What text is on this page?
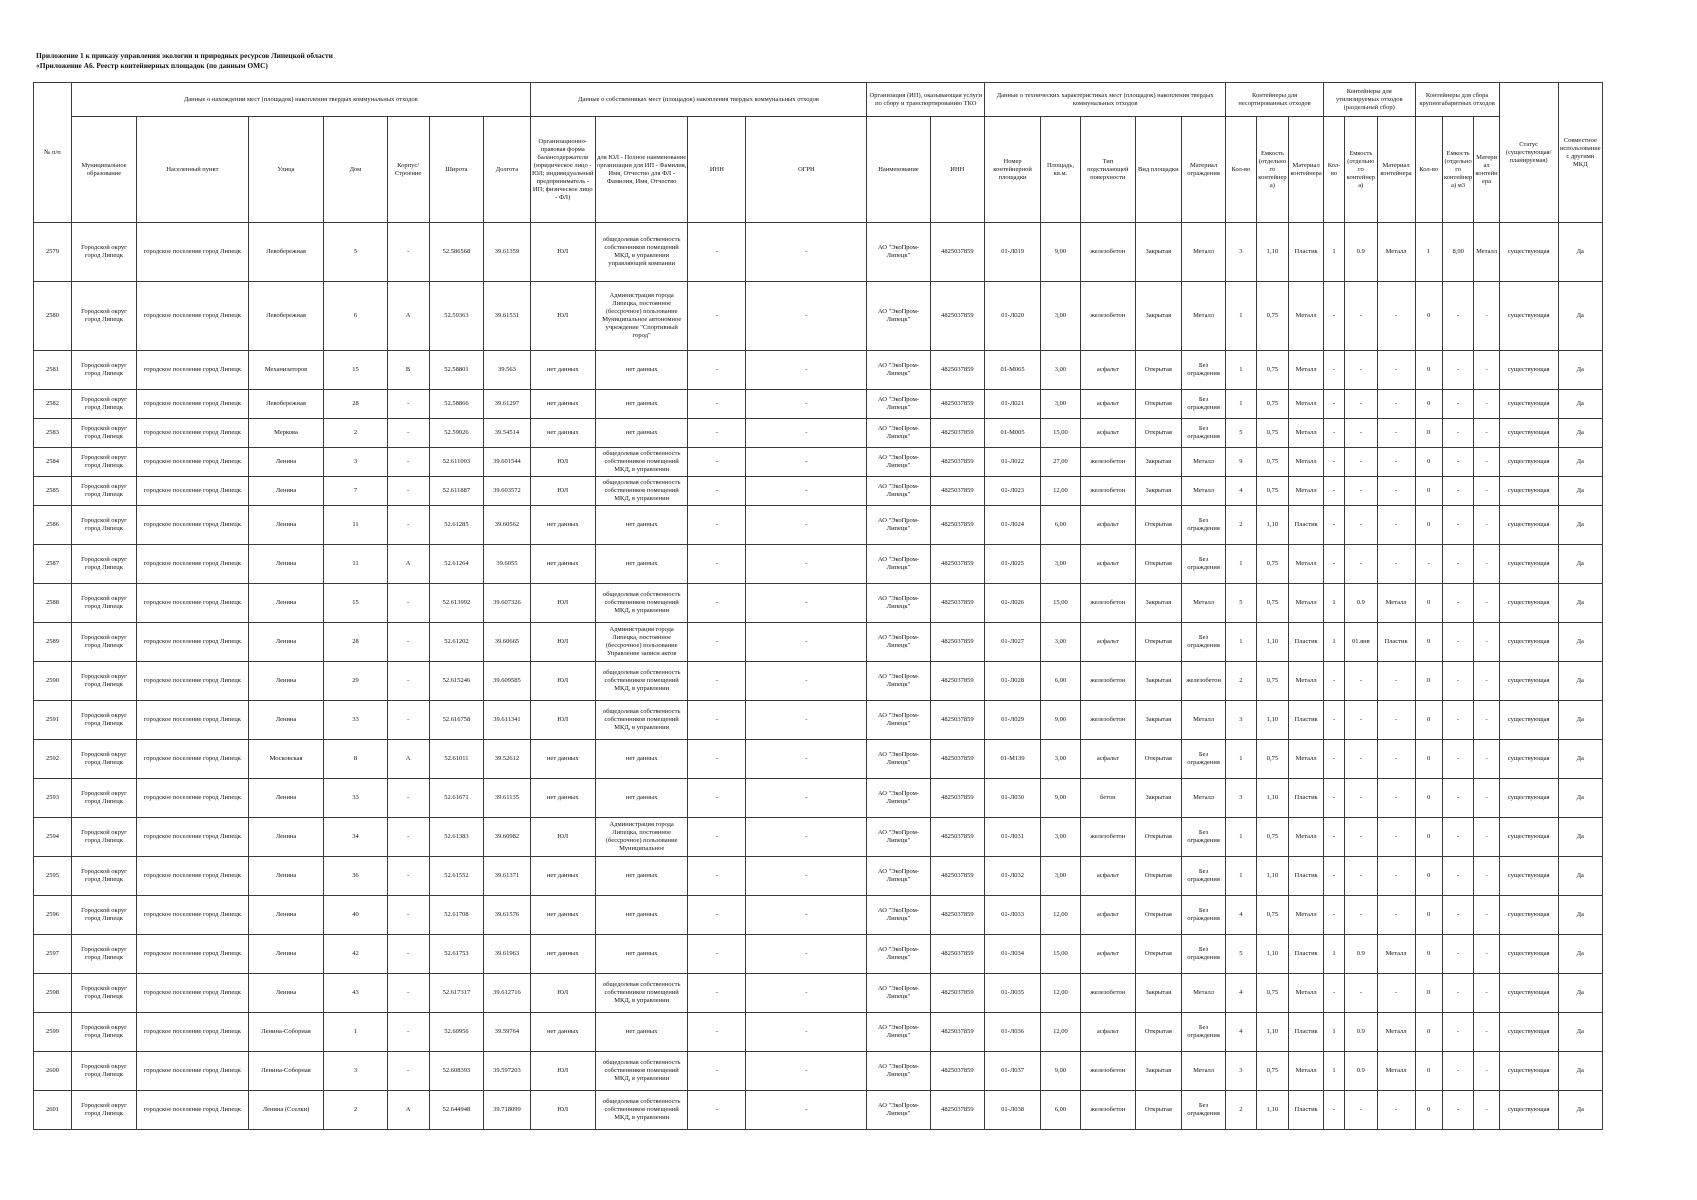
Приложение 1 к приказу управления экологии и природных ресурсов Липецкой области
«Приложение А6. Реестр контейнерных площадок (по данным ОМС)
№ п/п	Данные о нахождении мест (площадок) накопления твердых коммунальных отходов							Данные о собственниках мест (площадок) накопления твердых коммунальных отходов				Организация (ИП), оказывающая услуги по сбору и транспортированию ТКО		Данные о технических характеристиках мест (площадок) накопления твердых коммунальных отходов					Контейнеры для несортированных отходов			Контейнеры для утилизируемых отходов (раздельный сбор)			Контейнеры для сбора крупногабаритных отходов			Статус (существующая/ планируемая)	Совместное использование с другими МКД
	Муниципальное образование	Населенный пункт	Улица	Дом	Корпус/Строение	Широта	Долгота	Организационно-правовая форма балансодержателя (юридическое лицо - ЮЛ; индивидуальный предприниматель - ИП; физическое лицо - ФЛ)	для ЮЛ - Полное наименование организации для ИП - Фамилия, Имя, Отчество для ФЛ - Фамилия, Имя, Отчество	ИНН	ОГРН	Наименование	ИНН	Номер контейнерной площадки	Площадь, кв.м.	Тип подстилающей поверхности	Вид площадки	Материал ограждения	Кол-во	Емкость (отдельного контейнера)	Материал контейнера	Кол-во	Емкость (отдельного контейнера)	Материал контейнера	Кол-во	Емкость (отдельного контейнера) м3	Материал контейнера		
2579	Городской округ город Липецк	городское поселение город Липецк	Левобережная	5	-	52.586568	39.61359	ЮЛ	общедолевая собственность собственников помещений МКД, в управлении управляющей компании	-	-	АО "ЭкоПром-Липецк"	4825037859	01-Л019	9,00	железобетон	Закрытая	Металл	3	1,10	Пластик	1	0.9	Металл	1	8,00	Металл	существующая	Да
2580	Городской округ город Липецк	городское поселение город Липецк	Левобережная	6	А	52.59363	39.61531	ЮЛ	Администрация города Липецка, постоянное (бессрочное) пользование Муниципальное автономное учреждение "Спортивный город"	-	-	АО "ЭкоПром-Липецк"	4825037859	01-Л020	3,00	железобетон	Закрытая	Металл	1	0,75	Металл	-	-	-	0	-	-	существующая	Да
2581	Городской округ город Липецк	городское поселение город Липецк	Механизаторов	15	В	52.58801	39.563	нет данных	нет данных	-	-	АО "ЭкоПром-Липецк"	4825037859	01-М065	3,00	асфальт	Открытая	Без ограждения	1	0,75	Металл	-	-	-	0	-	-	существующая	Да
2582	Городской округ город Липецк	городское поселение город Липецк	Левобережная	28	-	52.58866	39.61297	нет данных	нет данных	-	-	АО "ЭкоПром-Липецк"	4825037859	01-Л021	3,00	асфальт	Открытая	Без ограждения	1	0,75	Металл	-	-	-	0	-	-	существующая	Да
2583	Городской округ город Липецк	городское поселение город Липецк	Меркова	2	-	52.59026	39.54514	нет данных	нет данных	-	-	АО "ЭкоПром-Липецк"	4825037859	01-М005	15,00	асфальт	Открытая	Без ограждения	5	0,75	Металл	-	-	-	0	-	-	существующая	Да
2584	Городской округ город Липецк	городское поселение город Липецк	Ленина	3	-	52.611003	39.601544	ЮЛ	общедолевая собственность собственников помещений МКД, в управлении	-	-	АО "ЭкоПром-Липецк"	4825037859	01-Л022	27,00	железобетон	Закрытая	Металл	9	0,75	Металл	-	-	-	0	-	-	существующая	Да
2585	Городской округ город Липецк	городское поселение город Липецк	Ленина	7	-	52.611887	39.603572	ЮЛ	общедолевая собственность собственников помещений МКД, в управлении	-	-	АО "ЭкоПром-Липецк"	4825037859	01-Л023	12,00	железобетон	Закрытая	Металл	4	0,75	Металл	-	-	-	0	-	-	существующая	Да
2586	Городской округ город Липецк	городское поселение город Липецк	Ленина	11	-	52.61285	39.60562	нет данных	нет данных	-	-	АО "ЭкоПром-Липецк"	4825037859	01-Л024	6,00	асфальт	Открытая	Без ограждения	2	1,10	Пластик	-	-	-	0	-	-	существующая	Да
2587	Городской округ город Липецк	городское поселение город Липецк	Ленина	11	А	52.61264	39.6055	нет данных	нет данных	-	-	АО "ЭкоПром-Липецк"	4825037859	01-Л025	3,00	асфальт	Открытая	Без ограждения	1	0,75	Металл	-	-	-	-	-	-	существующая	Да
2588	Городской округ город Липецк	городское поселение город Липецк	Ленина	15	-	52.613992	39.607326	ЮЛ	общедолевая собственность собственников помещений МКД, в управлении	-	-	АО "ЭкоПром-Липецк"	4825037859	01-Л026	15,00	железобетон	Закрытая	Металл	5	0,75	Металл	1	0.9	Металл	0	-	-	существующая	Да
2589	Городской округ город Липецк	городское поселение город Липецк	Ленина	28	-	52.61202	39.60665	ЮЛ	Администрация города Липецка, постоянное (бессрочное) пользование Управление записи актов	-	-	АО "ЭкоПром-Липецк"	4825037859	01-Л027	3,00	асфальт	Открытая	Без ограждения	1	1,10	Пластик	1	01.янв	Пластик	0	-	-	существующая	Да
2590	Городской округ город Липецк	городское поселение город Липецк	Ленина	29	-	52.615246	39.609585	ЮЛ	общедолевая собственность собственников помещений МКД, в управлении	-	-	АО "ЭкоПром-Липецк"	4825037859	01-Л028	6,00	железобетон	Закрытая	железобетон	2	0,75	Металл	-	-	-	0	-	-	существующая	Да
2591	Городской округ город Липецк	городское поселение город Липецк	Ленина	33	-	52.616758	39.611341	ЮЛ	общедолевая собственность собственников помещений МКД, в управлении	-	-	АО "ЭкоПром-Липецк"	4825037859	01-Л029	9,00	железобетон	Закрытая	Металл	3	1,10	Пластик	-	-	-	0	-	-	существующая	Да
2592	Городской округ город Липецк	городское поселение город Липецк	Московская	8	А	52.61011	39.52612	нет данных	нет данных	-	-	АО "ЭкоПром-Липецк"	4825037859	01-М139	3,00	асфальт	Открытая	Без ограждения	1	0,75	Металл	-	-	-	0	-	-	существующая	Да
2593	Городской округ город Липецк	городское поселение город Липецк	Ленина	33	-	52.61671	39.61135	нет данных	нет данных	-	-	АО "ЭкоПром-Липецк"	4825037859	01-Л030	9,00	бетон	Закрытая	Металл	3	1,10	Пластик	-	-	-	0	-	-	существующая	Да
2594	Городской округ город Липецк	городское поселение город Липецк	Ленина	34	-	52.61383	39.60982	ЮЛ	Администрация города Липецка, постоянное (бессрочное) пользование Муниципальное	-	-	АО "ЭкоПром-Липецк"	4825037859	01-Л031	3,00	железобетон	Открытая	Без ограждения	1	0,75	Металл	-	-	-	0	-	-	существующая	Да
2595	Городской округ город Липецк	городское поселение город Липецк	Ленина	36	-	52.61552	39.61371	нет данных	нет данных	-	-	АО "ЭкоПром-Липецк"	4825037859	01-Л032	3,00	асфальт	Открытая	Без ограждения	1	1,10	Пластик	-	-	-	0	-	-	существующая	Да
2596	Городской округ город Липецк	городское поселение город Липецк	Ленина	40	-	52.61708	39.61576	нет данных	нет данных	-	-	АО "ЭкоПром-Липецк"	4825037859	01-Л033	12,00	асфальт	Открытая	Без ограждения	4	0,75	Металл	-	-	-	0	-	-	существующая	Да
2597	Городской округ город Липецк	городское поселение город Липецк	Ленина	42	-	52.61753	39.61963	нет данных	нет данных	-	-	АО "ЭкоПром-Липецк"	4825037859	01-Л034	15,00	асфальт	Открытая	Без ограждения	5	1,10	Пластик	1	0.9	Металл	0	-	-	существующая	Да
2598	Городской округ город Липецк	городское поселение город Липецк	Ленина	43	-	52.617317	39.612716	ЮЛ	общедолевая собственность собственников помещений МКД, в управлении	-	-	АО "ЭкоПром-Липецк"	4825037859	01-Л035	12,00	железобетон	Закрытая	Металл	4	0,75	Металл	-	-	-	0	-	-	существующая	Да
2599	Городской округ город Липецк	городское поселение город Липецк	Ленина-Соборная	1	-	52.60956	39.59764	нет данных	нет данных	-	-	АО "ЭкоПром-Липецк"	4825037859	01-Л036	12,00	асфальт	Открытая	Без ограждения	4	1,10	Пластик	1	0.9	Металл	0	-	-	существующая	Да
2600	Городской округ город Липецк	городское поселение город Липецк	Ленина-Соборная	3	-	52.608393	39.597203	ЮЛ	общедолевая собственность собственников помещений МКД, в управлении	-	-	АО "ЭкоПром-Липецк"	4825037859	01-Л037	9,00	железобетон	Закрытая	Металл	3	0,75	Металл	1	0.9	Металл	0	-	-	существующая	Да
2601	Городской округ город Липецк	городское поселение город Липецк	Ленина (Сселки)	2	А	52.644948	39.718099	ЮЛ	общедолевая собственность собственников помещений МКД, в управлении	-	-	АО "ЭкоПром-Липецк"	4825037859	01-Л038	6,00	железобетон	Открытая	Без ограждения	2	1,10	Пластик	-	-	-	0	-	-	существующая	Да
